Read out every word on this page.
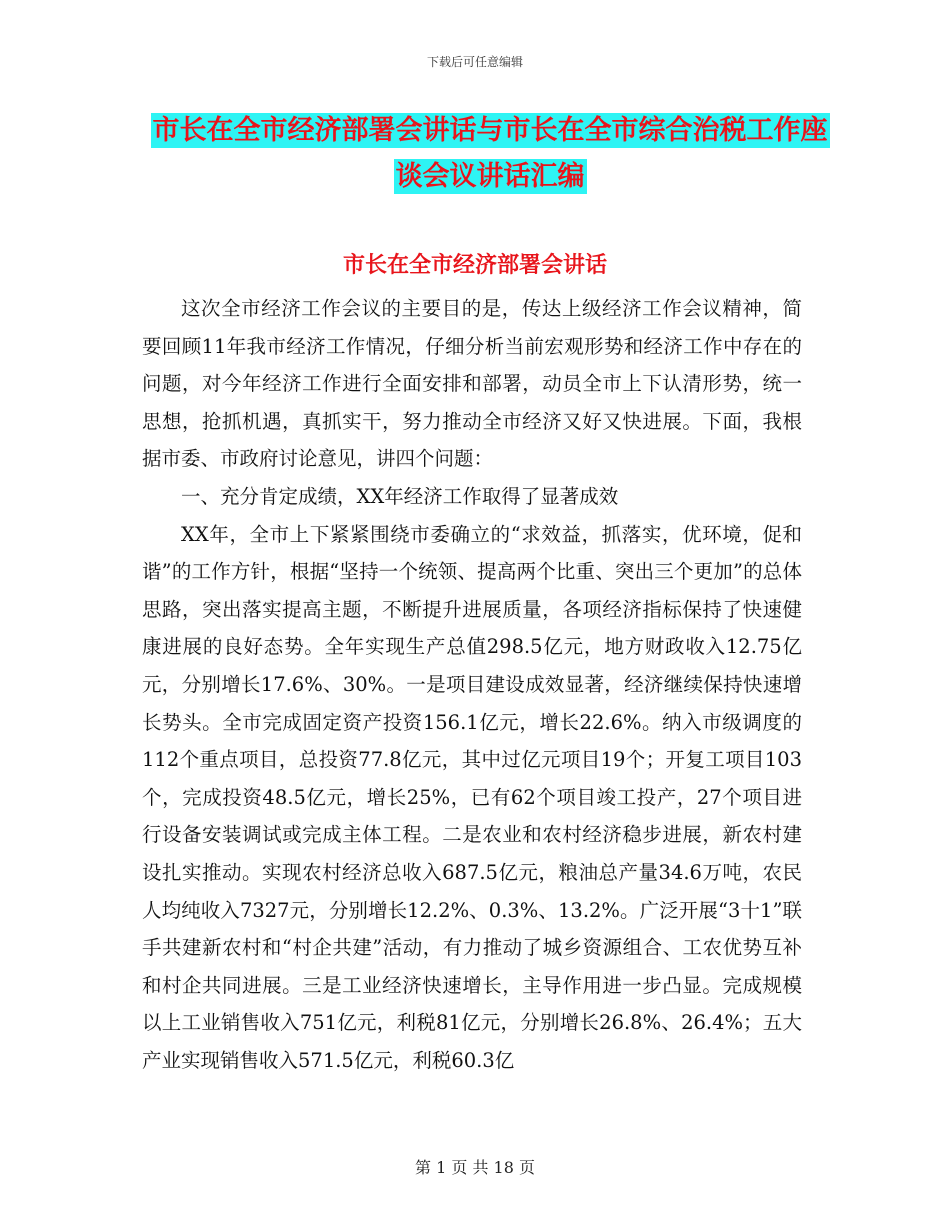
下载后可任意编辑
市长在全市经济部署会讲话与市长在全市综合治税工作座谈会议讲话汇编
市长在全市经济部署会讲话

这次全市经济工作会议的主要目的是，传达上级经济工作会议精神，简要回顾11年我市经济工作情况，仔细分析当前宏观形势和经济工作中存在的问题，对今年经济工作进行全面安排和部署，动员全市上下认清形势，统一思想，抢抓机遇，真抓实干，努力推动全市经济又好又快进展。下面，我根据市委、市政府讨论意见，讲四个问题：

一、充分肯定成绩，XX年经济工作取得了显著成效

XX年，全市上下紧紧围绕市委确立的“求效益，抓落实，优环境，促和谐”的工作方针，根据“坚持一个统领、提高两个比重、突出三个更加”的总体思路，突出落实提高主题，不断提升进展质量，各项经济指标保持了快速健康进展的良好态势。全年实现生产总值298.5亿元，地方财政收入12.75亿元，分别增长17.6%、30%。一是项目建设成效显著，经济继续保持快速增长势头。全市完成固定资产投资156.1亿元，增长22.6%。纳入市级调度的112个重点项目，总投资77.8亿元，其中过亿元项目19个；开复工项目103个，完成投资48.5亿元，增长25%，已有62个项目竣工投产，27个项目进行设备安装调试或完成主体工程。二是农业和农村经济稳步进展，新农村建设扎实推动。实现农村经济总收入687.5亿元，粮油总产量34.6万吨，农民人均纯收入7327元，分别增长12.2%、0.3%、13.2%。广泛开展“3十1”联手共建新农村和“村企共建”活动，有力推动了城乡资源组合、工农优势互补和村企共同进展。三是工业经济快速增长，主导作用进一步凸显。完成规模以上工业销售收入751亿元，利税81亿元，分别增长26.8%、26.4%；五大产业实现销售收入571.5亿元，利税60.3亿

第 1 页 共 18 页
